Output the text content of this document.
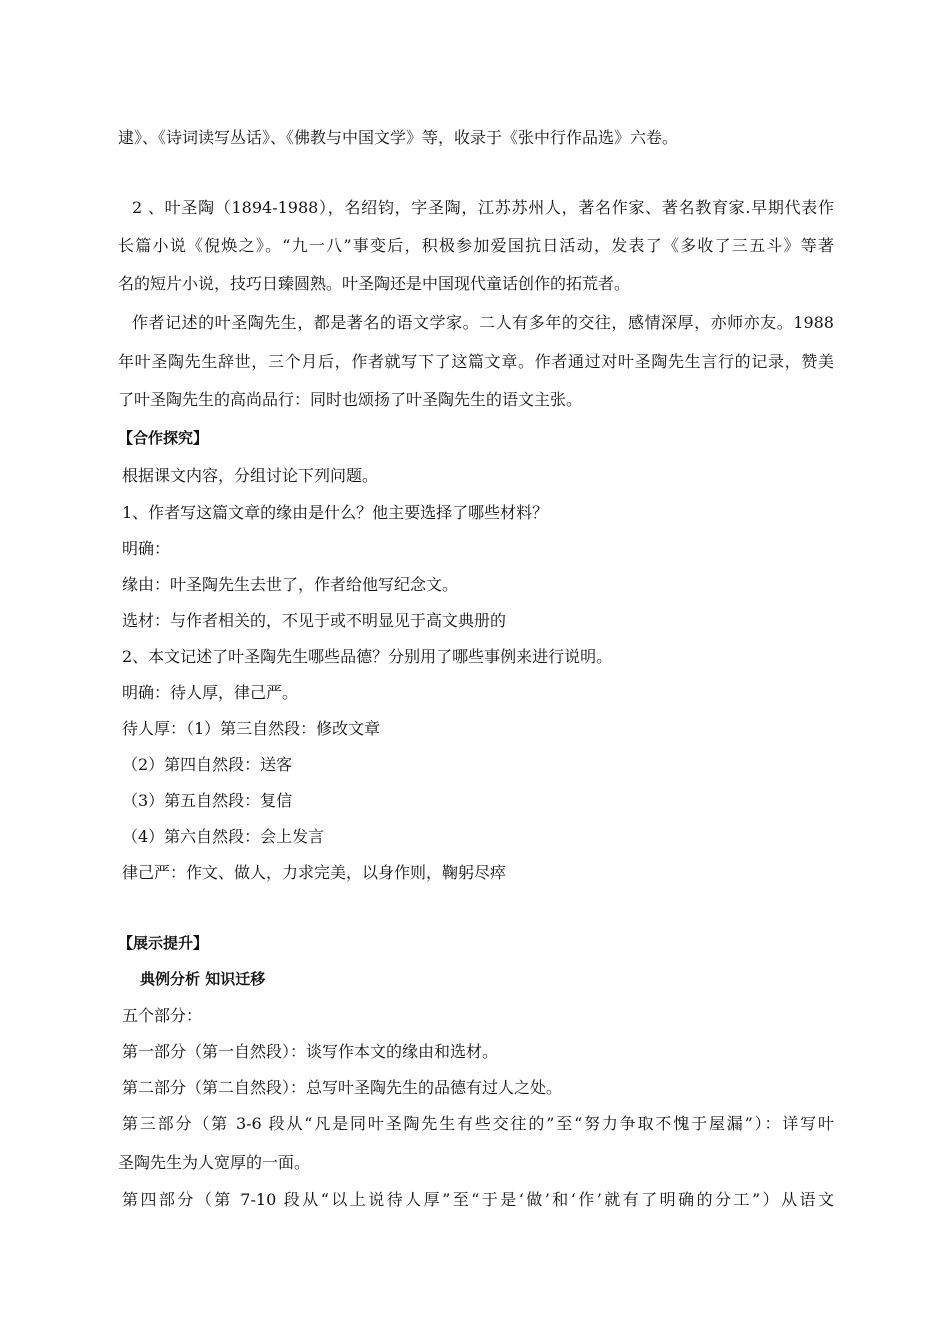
逮》、《诗词读写丛话》、《佛教与中国文学》等，收录于《张中行作品选》六卷。
2 、叶圣陶（1894-1988），名绍钧，字圣陶，江苏苏州人，著名作家、著名教育家.早期代表作
长篇小说《倪焕之》。“九一八”事变后，积极参加爱国抗日活动，发表了《多收了三五斗》等著
名的短片小说，技巧日臻圆熟。叶圣陶还是中国现代童话创作的拓荒者。
作者记述的叶圣陶先生，都是著名的语文学家。二人有多年的交往，感情深厚，亦师亦友。1988
年叶圣陶先生辞世，三个月后，作者就写下了这篇文章。作者通过对叶圣陶先生言行的记录，赞美
了叶圣陶先生的高尚品行：同时也颂扬了叶圣陶先生的语文主张。
【合作探究】
根据课文内容，分组讨论下列问题。
1、作者写这篇文章的缘由是什么？他主要选择了哪些材料？
明确：
缘由：叶圣陶先生去世了，作者给他写纪念文。
选材：与作者相关的，不见于或不明显见于高文典册的
2、本文记述了叶圣陶先生哪些品德？分别用了哪些事例来进行说明。
明确：待人厚，律己严。
待人厚：（1）第三自然段：修改文章
（2）第四自然段：送客
（3）第五自然段：复信
（4）第六自然段：会上发言
律己严：作文、做人，力求完美，以身作则，鞠躬尽瘁
【展示提升】
典例分析 知识迁移
五个部分：
第一部分（第一自然段）：谈写作本文的缘由和选材。
第二部分（第二自然段）：总写叶圣陶先生的品德有过人之处。
第三部分（第 3-6 段从“凡是同叶圣陶先生有些交往的”至“努力争取不愧于屋漏”）：详写叶
圣陶先生为人宽厚的一面。
第四部分（第 7-10 段从“以上说待人厚”至“于是‘做’和‘作’就有了明确的分工”）从语文
